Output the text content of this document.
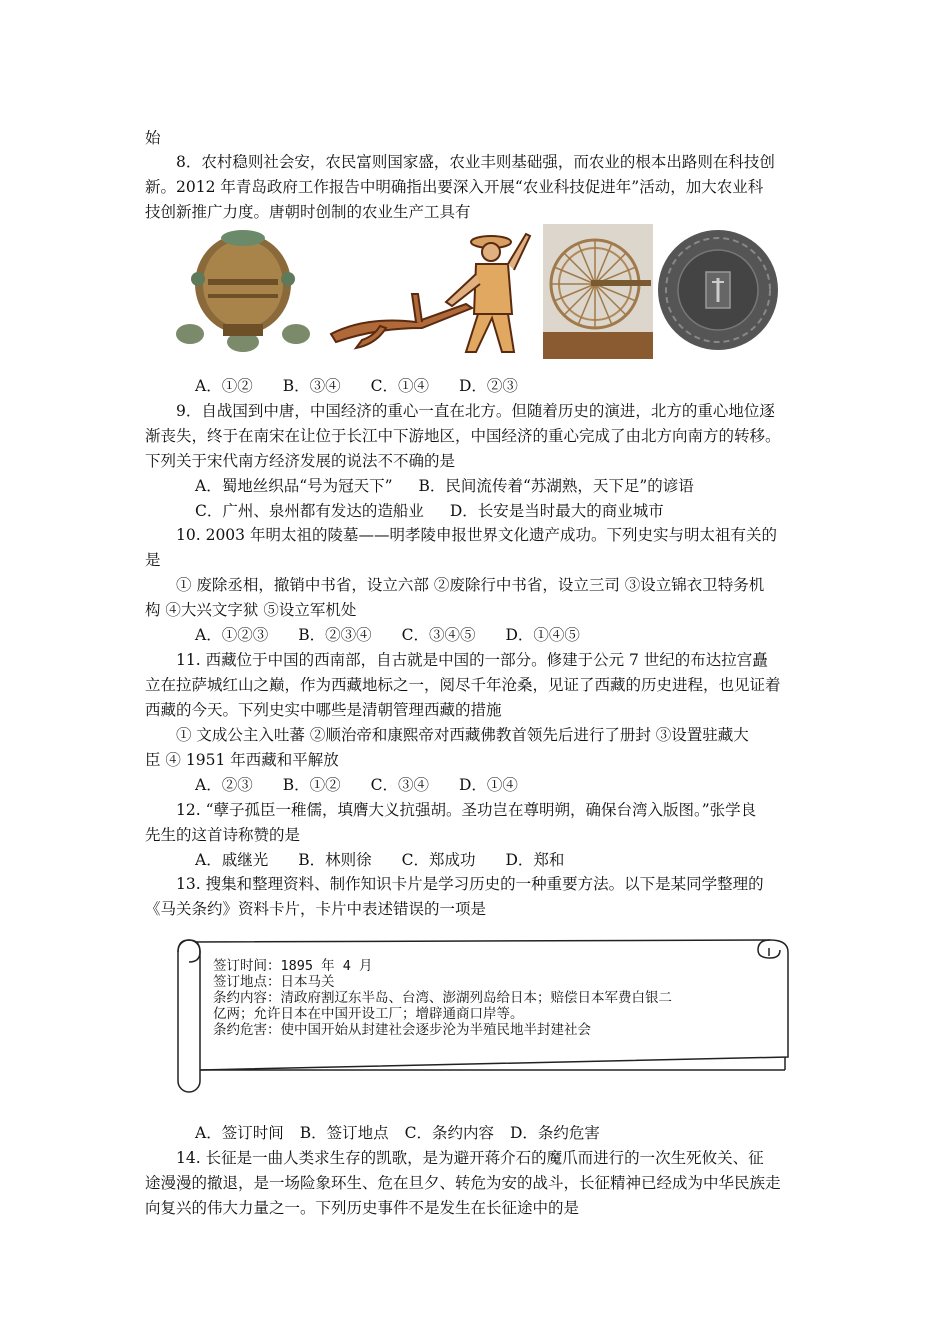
始
8．农村稳则社会安，农民富则国家盛，农业丰则基础强，而农业的根本出路则在科技创
新。2012 年青岛政府工作报告中明确指出要深入开展“农业科技促进年”活动，加大农业科
技创新推广力度。唐朝时创制的农业生产工具有
A．①② B．③④ C．①④ D．②③
9．自战国到中唐，中国经济的重心一直在北方。但随着历史的演进，北方的重心地位逐
渐丧失，终于在南宋在让位于长江中下游地区，中国经济的重心完成了由北方向南方的转移。
下列关于宋代南方经济发展的说法不不确的是
A．蜀地丝织品“号为冠天下” B．民间流传着“苏湖熟，天下足”的谚语
C．广州、泉州都有发达的造船业 D．长安是当时最大的商业城市
10. 2003 年明太祖的陵墓——明孝陵申报世界文化遗产成功。下列史实与明太祖有关的
是
① 废除丞相，撤销中书省，设立六部 ②废除行中书省，设立三司 ③设立锦衣卫特务机
构 ④大兴文字狱 ⑤设立军机处
A．①②③ B．②③④ C．③④⑤ D．①④⑤
11. 西藏位于中国的西南部，自古就是中国的一部分。修建于公元 7 世纪的布达拉宫矗
立在拉萨城红山之巅，作为西藏地标之一，阅尽千年沧桑，见证了西藏的历史进程，也见证着
西藏的今天。下列史实中哪些是清朝管理西藏的措施
① 文成公主入吐蕃 ②顺治帝和康熙帝对西藏佛教首领先后进行了册封 ③设置驻藏大
臣 ④ 1951 年西藏和平解放
A．②③ B．①② C．③④ D．①④
12. “孽子孤臣一稚儒，填膺大义抗强胡。圣功岂在尊明朔，确保台湾入版图。”张学良
先生的这首诗称赞的是
A．戚继光 B．林则徐 C．郑成功 D．郑和
13. 搜集和整理资料、制作知识卡片是学习历史的一种重要方法。以下是某同学整理的
《马关条约》资料卡片，卡片中表述错误的一项是
签订时间：1895 年 4 月
签订地点：日本马关
条约内容：清政府割辽东半岛、台湾、澎湖列岛给日本；赔偿日本军费白银二
亿两；允许日本在中国开设工厂；增辟通商口岸等。
条约危害：使中国开始从封建社会逐步沦为半殖民地半封建社会
A．签订时间 B．签订地点 C．条约内容 D．条约危害
14. 长征是一曲人类求生存的凯歌，是为避开蒋介石的魔爪而进行的一次生死攸关、征
途漫漫的撤退，是一场险象环生、危在旦夕、转危为安的战斗，长征精神已经成为中华民族走
向复兴的伟大力量之一。下列历史事件不是发生在长征途中的是
